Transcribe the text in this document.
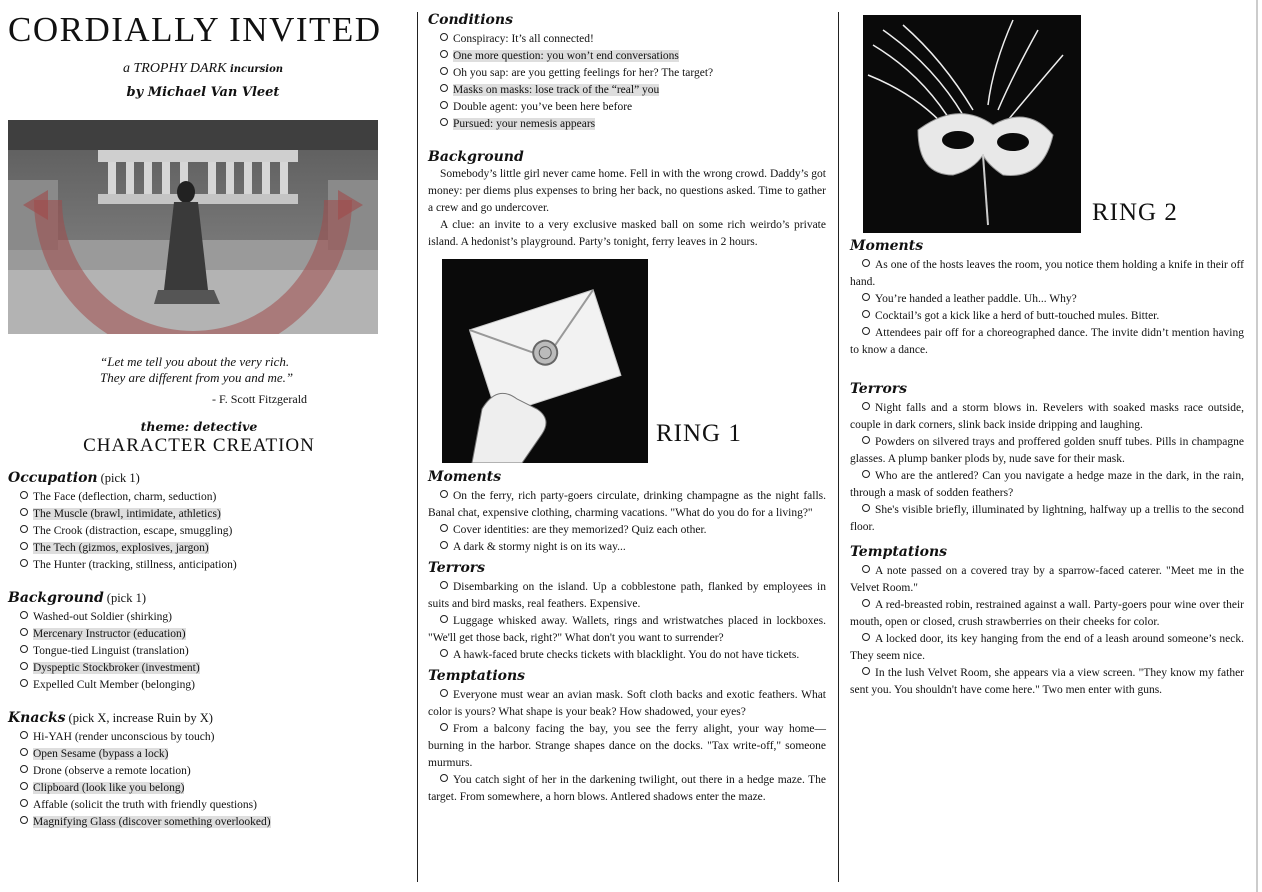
CORDIALLY INVITED
a TROPHY DARK incursion
by Michael Van Vleet
“Let me tell you about the very rich.
They are different from you and me.”
- F. Scott Fitzgerald
theme: detective
CHARACTER CREATION
Occupation (pick 1)
The Face (deflection, charm, seduction)
The Muscle (brawl, intimidate, athletics)
The Crook (distraction, escape, smuggling)
The Tech (gizmos, explosives, jargon)
The Hunter (tracking, stillness, anticipation)
Background (pick 1)
Washed-out Soldier (shirking)
Mercenary Instructor (education)
Tongue-tied Linguist (translation)
Dyspeptic Stockbroker (investment)
Expelled Cult Member (belonging)
Knacks (pick X, increase Ruin by X)
Hi-YAH (render unconscious by touch)
Open Sesame (bypass a lock)
Drone (observe a remote location)
Clipboard (look like you belong)
Affable (solicit the truth with friendly questions)
Magnifying Glass (discover something overlooked)
Conditions
Conspiracy: It’s all connected!
One more question: you won’t end conversations
Oh you sap: are you getting feelings for her? The target?
Masks on masks: lose track of the “real” you
Double agent: you’ve been here before
Pursued: your nemesis appears
Background
Somebody’s little girl never came home. Fell in with the wrong crowd. Daddy’s got money: per diems plus expenses to bring her back, no questions asked. Time to gather a crew and go undercover.
A clue: an invite to a very exclusive masked ball on some rich weirdo’s private island. A hedonist’s playground. Party’s tonight, ferry leaves in 2 hours.
RING 1
Moments
On the ferry, rich party-goers circulate, drinking champagne as the night falls. Banal chat, expensive clothing, charming vacations. "What do you do for a living?"
Cover identities: are they memorized? Quiz each other.
A dark & stormy night is on its way...
Terrors
Disembarking on the island. Up a cobblestone path, flanked by employees in suits and bird masks, real feathers. Expensive.
Luggage whisked away. Wallets, rings and wristwatches placed in lockboxes. "We'll get those back, right?" What don't you want to surrender?
A hawk-faced brute checks tickets with blacklight. You do not have tickets.
Temptations
Everyone must wear an avian mask. Soft cloth backs and exotic feathers. What color is yours? What shape is your beak? How shadowed, your eyes?
From a balcony facing the bay, you see the ferry alight, your way home— burning in the harbor. Strange shapes dance on the docks. "Tax write-off," someone murmurs.
You catch sight of her in the darkening twilight, out there in a hedge maze. The target. From somewhere, a horn blows. Antlered shadows enter the maze.
RING 2
Moments
As one of the hosts leaves the room, you notice them holding a knife in their off hand.
You’re handed a leather paddle. Uh... Why?
Cocktail’s got a kick like a herd of butt-touched mules. Bitter.
Attendees pair off for a choreographed dance. The invite didn’t mention having to know a dance.
Terrors
Night falls and a storm blows in. Revelers with soaked masks race outside, couple in dark corners, slink back inside dripping and laughing.
Powders on silvered trays and proffered golden snuff tubes. Pills in champagne glasses. A plump banker plods by, nude save for their mask.
Who are the antlered? Can you navigate a hedge maze in the dark, in the rain, through a mask of sodden feathers?
She's visible briefly, illuminated by lightning, halfway up a trellis to the second floor.
Temptations
A note passed on a covered tray by a sparrow-faced caterer. "Meet me in the Velvet Room."
A red-breasted robin, restrained against a wall. Party-goers pour wine over their mouth, open or closed, crush strawberries on their cheeks for color.
A locked door, its key hanging from the end of a leash around someone’s neck. They seem nice.
In the lush Velvet Room, she appears via a view screen. "They know my father sent you. You shouldn't have come here." Two men enter with guns.
